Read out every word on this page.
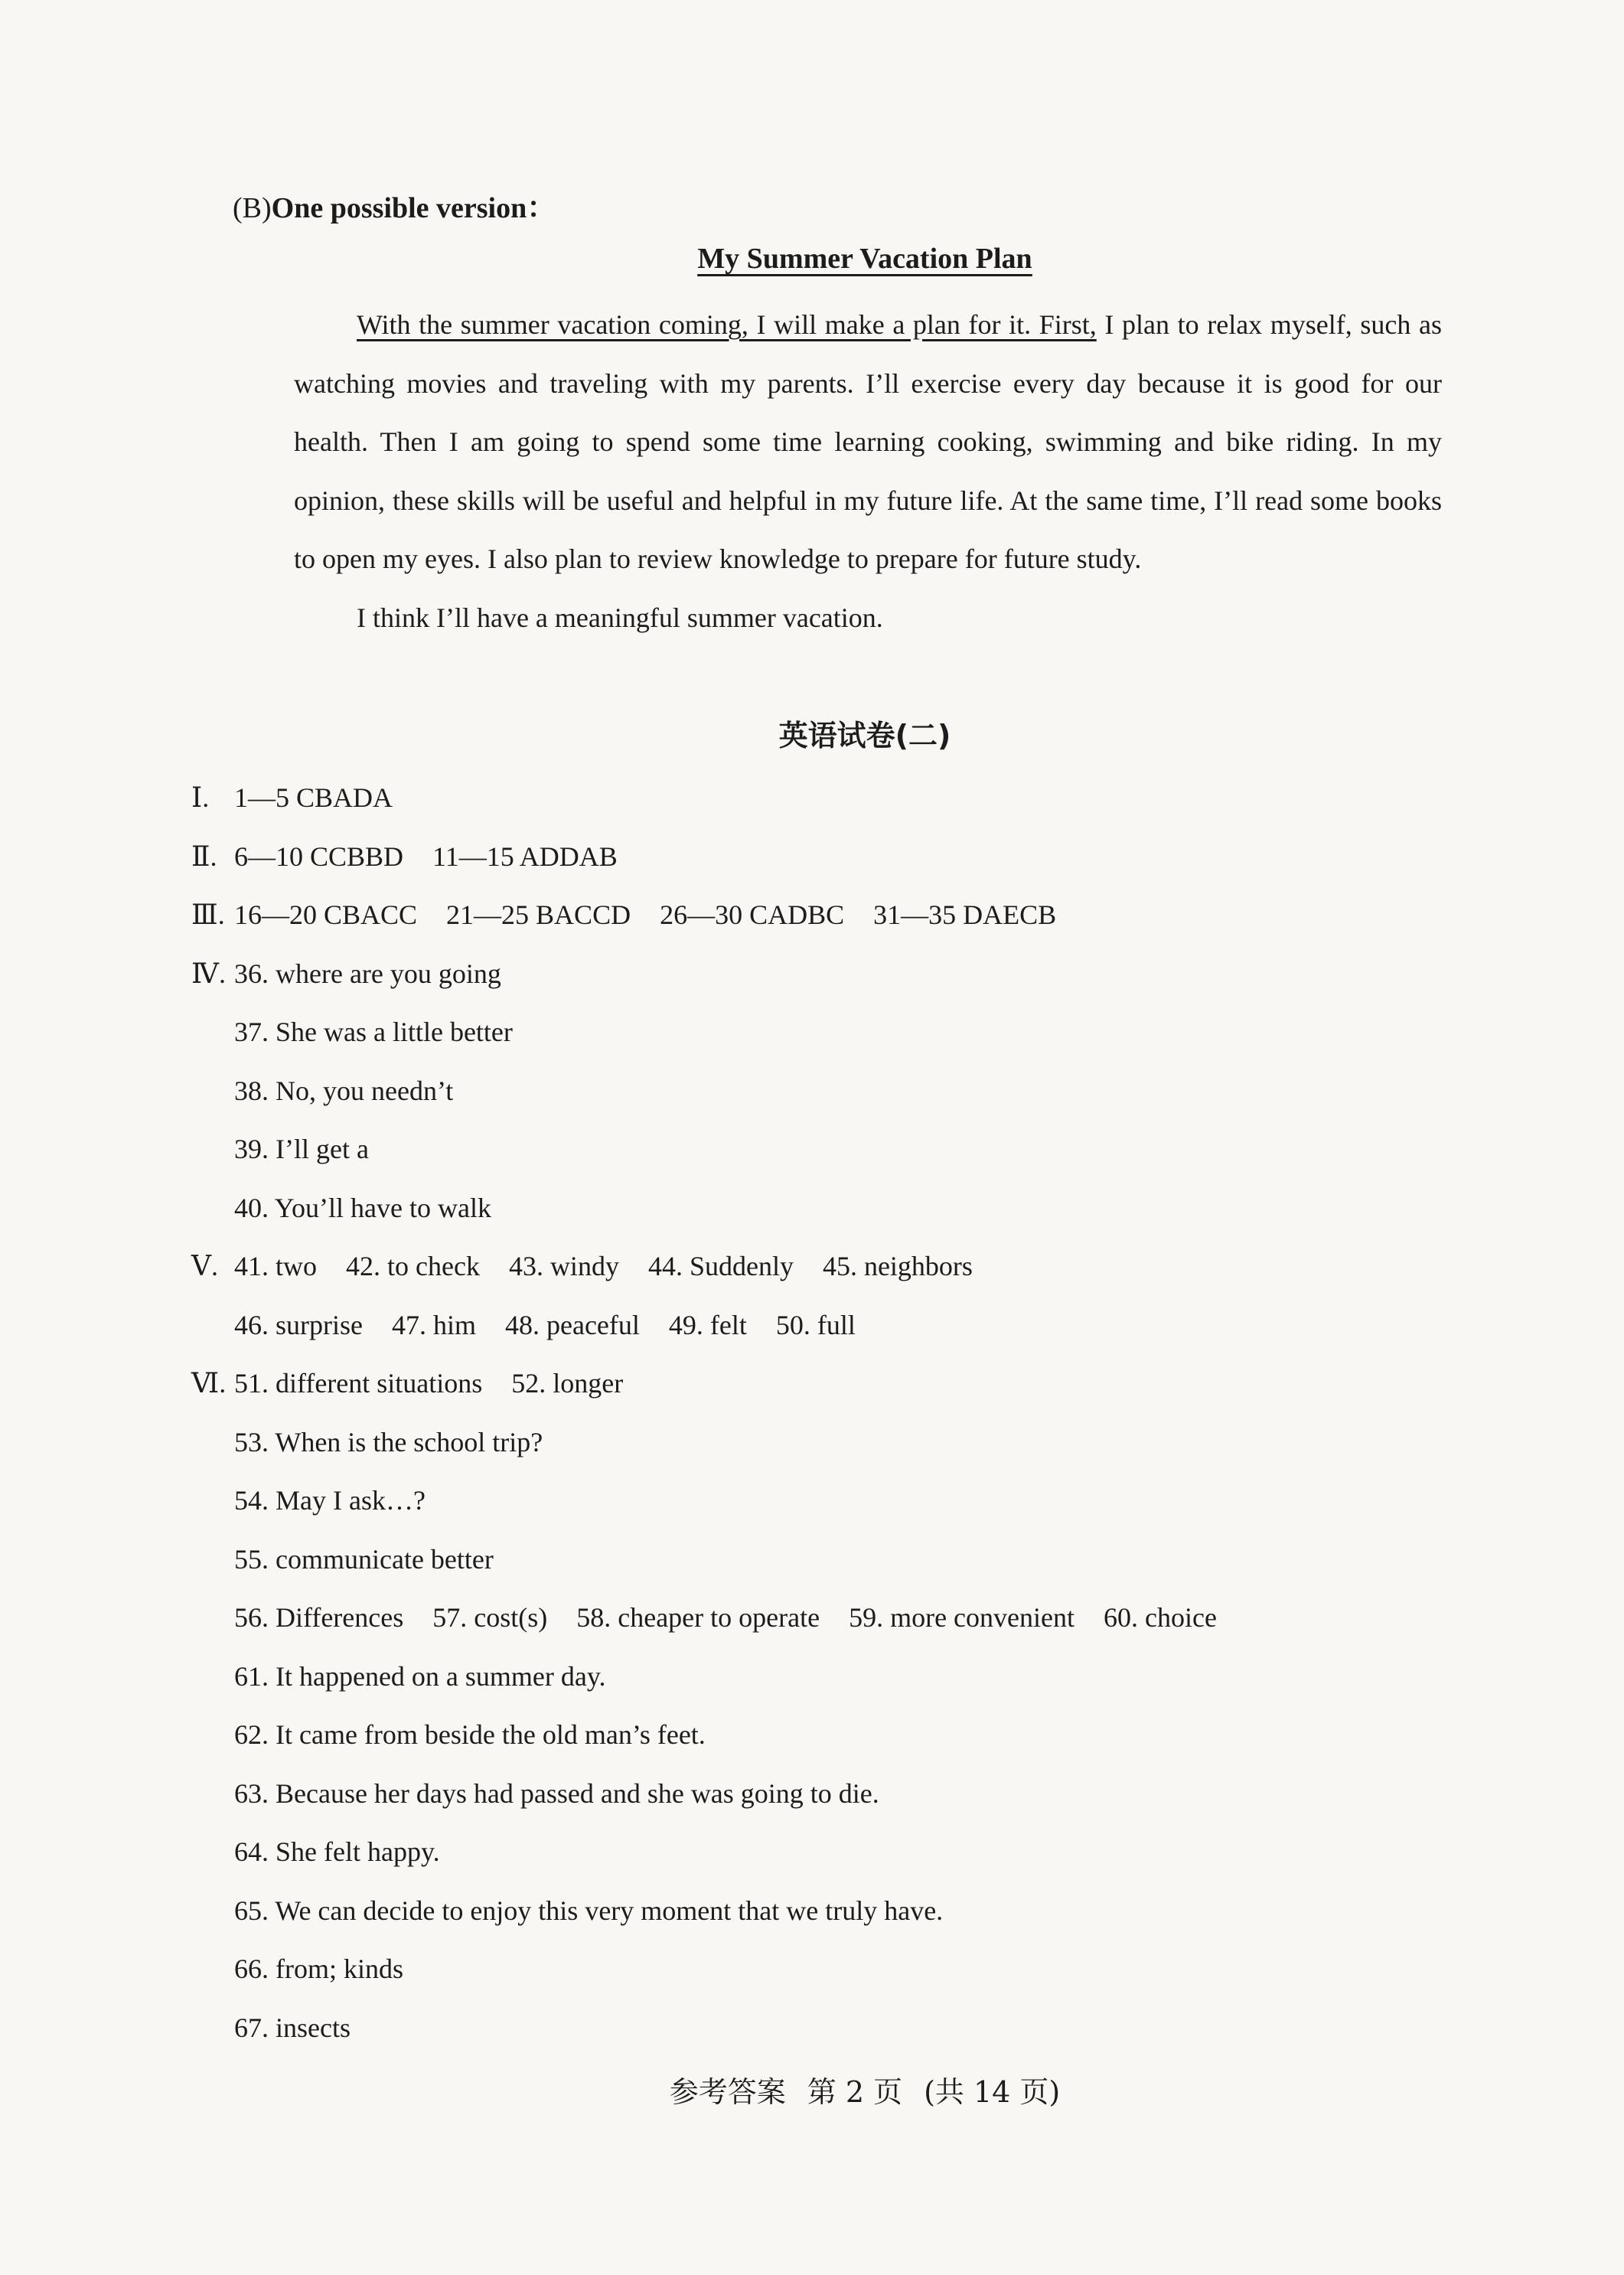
(B)One possible version：
My Summer Vacation Plan

With the summer vacation coming, I will make a plan for it. First, I plan to relax myself, such as watching movies and traveling with my parents. I’ll exercise every day because it is good for our health. Then I am going to spend some time learning cooking, swimming and bike riding. In my opinion, these skills will be useful and helpful in my future life. At the same time, I’ll read some books to open my eyes. I also plan to review knowledge to prepare for future study.

I think I’ll have a meaningful summer vacation.

英语试卷(二)
Ⅰ. 1—5 CBADA
Ⅱ. 6—10 CCBBD 11—15 ADDAB
Ⅲ. 16—20 CBACC 21—25 BACCD 26—30 CADBC 31—35 DAECB
Ⅳ. 36. where are you going
37. She was a little better
38. No, you needn’t
39. I’ll get a
40. You’ll have to walk
Ⅴ. 41. two 42. to check 43. windy 44. Suddenly 45. neighbors
46. surprise 47. him 48. peaceful 49. felt 50. full
Ⅵ. 51. different situations 52. longer
53. When is the school trip?
54. May I ask…?
55. communicate better
56. Differences 57. cost(s) 58. cheaper to operate 59. more convenient 60. choice
61. It happened on a summer day.
62. It came from beside the old man’s feet.
63. Because her days had passed and she was going to die.
64. She felt happy.
65. We can decide to enjoy this very moment that we truly have.
66. from; kinds
67. insects
参考答案 第 2 页 (共 14 页)
